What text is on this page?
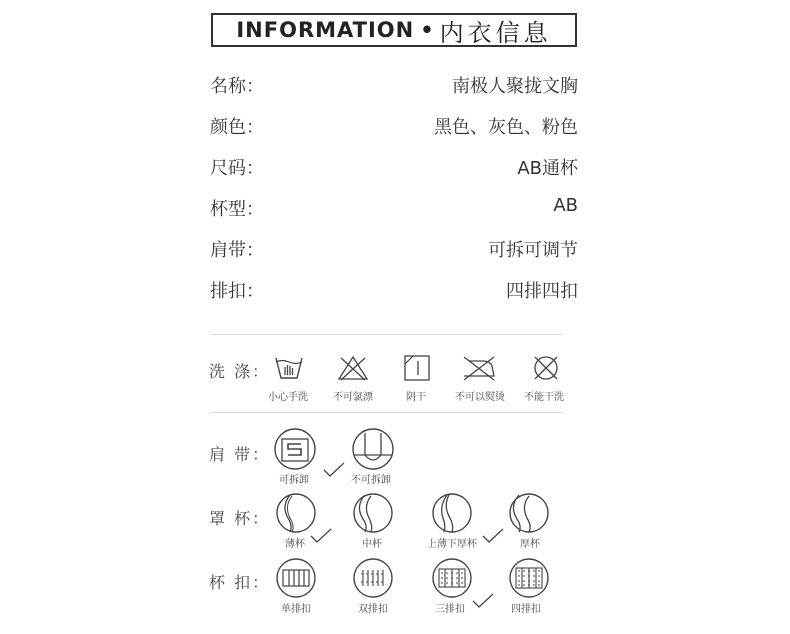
INFORMATION • 内衣信息
名称：	南极人聚拢文胸
颜色：	黑色、灰色、粉色
尺码：	AB通杯
杯型：	AB
肩带：	可拆可调节
排扣：	四排四扣
洗 涤：
小心手洗	不可氯漂	阴干	不可以熨烫 不能干洗
肩 带：
可拆卸	不可拆卸
罩 杯：
薄杯	中杯	上薄下厚杯	厚杯
杯 扣：
单排扣	双排扣	三排扣	四排扣
